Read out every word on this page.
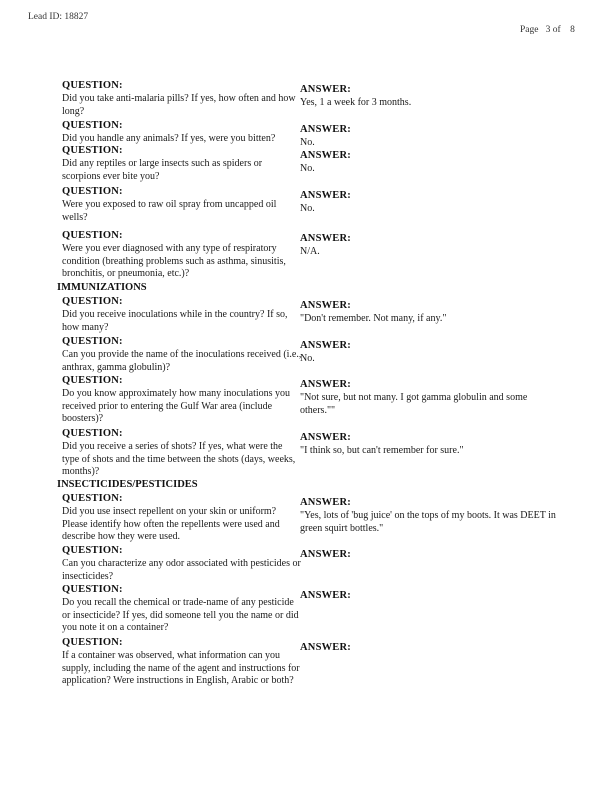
Lead ID: 18827
Page 3 of 8
QUESTION:
Did you take anti-malaria pills? If yes, how often and how long?
ANSWER:
Yes, 1 a week for 3 months.
QUESTION:
Did you handle any animals? If yes, were you bitten?
ANSWER:
No.
QUESTION:
Did any reptiles or large insects such as spiders or scorpions ever bite you?
ANSWER:
No.
QUESTION:
Were you exposed to raw oil spray from uncapped oil wells?
ANSWER:
No.
QUESTION:
Were you ever diagnosed with any type of respiratory condition (breathing problems such as asthma, sinusitis, bronchitis, or pneumonia, etc.)?
ANSWER:
N/A.
IMMUNIZATIONS
QUESTION:
Did you receive inoculations while in the country? If so, how many?
ANSWER:
"Don't remember. Not many, if any."
QUESTION:
Can you provide the name of the inoculations received (i.e., anthrax, gamma globulin)?
ANSWER:
No.
QUESTION:
Do you know approximately how many inoculations you received prior to entering the Gulf War area (include boosters)?
ANSWER:
"Not sure, but not many. I got gamma globulin and some others.""
QUESTION:
Did you receive a series of shots? If yes, what were the type of shots and the time between the shots (days, weeks, months)?
ANSWER:
"I think so, but can't remember for sure."
INSECTICIDES/PESTICIDES
QUESTION:
Did you use insect repellent on your skin or uniform? Please identify how often the repellents were used and describe how they were used.
ANSWER:
"Yes, lots of 'bug juice' on the tops of my boots. It was DEET in green squirt bottles."
QUESTION:
Can you characterize any odor associated with pesticides or insecticides?
ANSWER:
QUESTION:
Do you recall the chemical or trade-name of any pesticide or insecticide? If yes, did someone tell you the name or did you note it on a container?
ANSWER:
QUESTION:
If a container was observed, what information can you supply, including the name of the agent and instructions for application? Were instructions in English, Arabic or both?
ANSWER:
